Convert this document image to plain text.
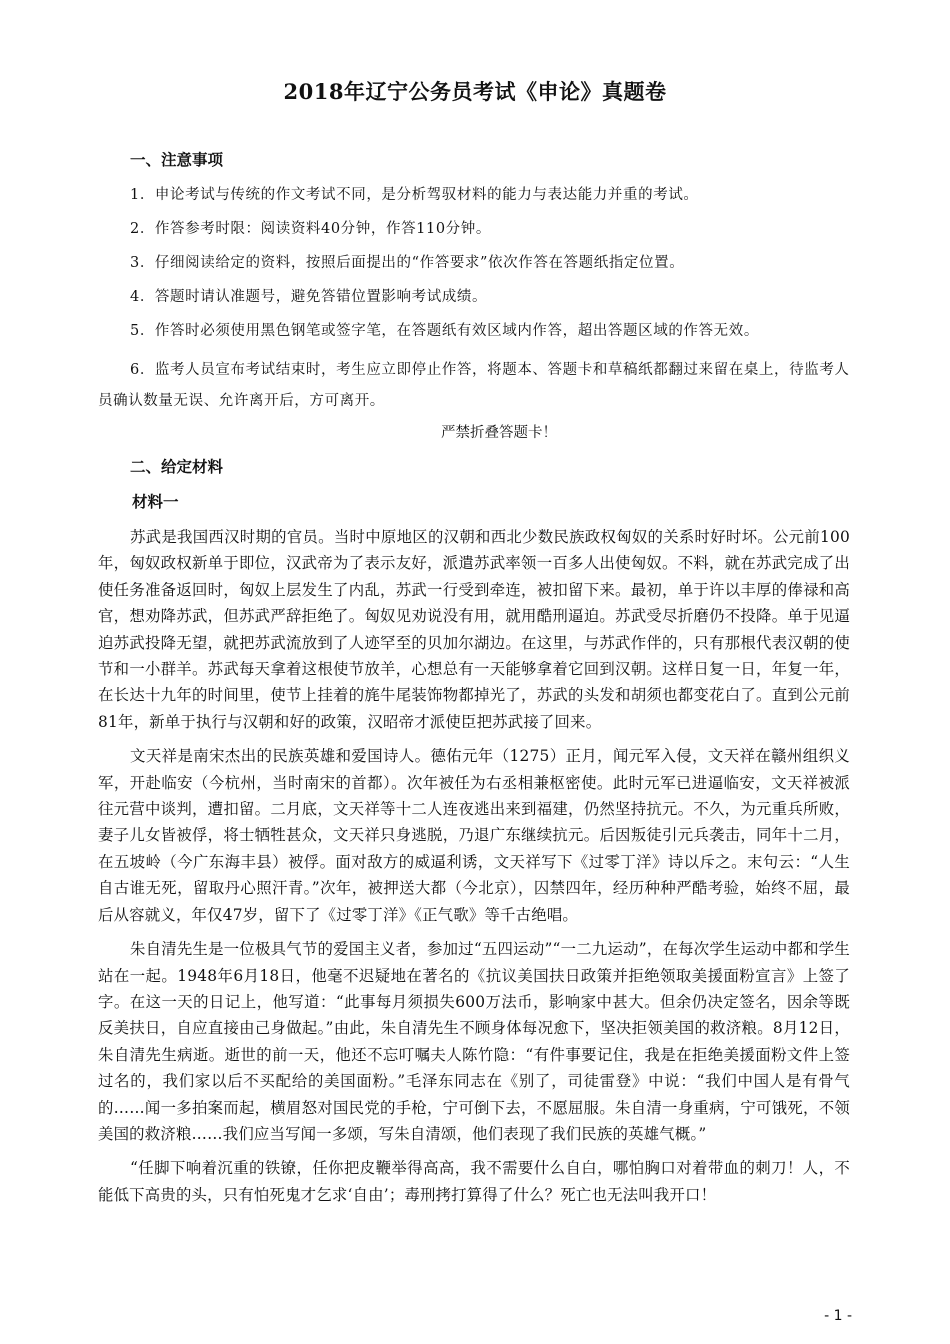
2018年辽宁公务员考试《申论》真题卷
一、注意事项

1．申论考试与传统的作文考试不同，是分析驾驭材料的能力与表达能力并重的考试。

2．作答参考时限：阅读资料40分钟，作答110分钟。

3．仔细阅读给定的资料，按照后面提出的“作答要求”依次作答在答题纸指定位置。

4．答题时请认准题号，避免答错位置影响考试成绩。

5．作答时必须使用黑色钢笔或签字笔，在答题纸有效区域内作答，超出答题区域的作答无效。

6．监考人员宣布考试结束时，考生应立即停止作答，将题本、答题卡和草稿纸都翻过来留在桌上，待监考人员确认数量无误、允许离开后，方可离开。

严禁折叠答题卡！
二、给定材料
材料一

苏武是我国西汉时期的官员。当时中原地区的汉朝和西北少数民族政权匈奴的关系时好时坏。公元前100年，匈奴政权新单于即位，汉武帝为了表示友好，派遣苏武率领一百多人出使匈奴。不料，就在苏武完成了出使任务准备返回时，匈奴上层发生了内乱，苏武一行受到牵连，被扣留下来。最初，单于许以丰厚的俸禄和高官，想劝降苏武，但苏武严辞拒绝了。匈奴见劝说没有用，就用酷刑逼迫。苏武受尽折磨仍不投降。单于见逼迫苏武投降无望，就把苏武流放到了人迹罕至的贝加尔湖边。在这里，与苏武作伴的，只有那根代表汉朝的使节和一小群羊。苏武每天拿着这根使节放羊，心想总有一天能够拿着它回到汉朝。这样日复一日，年复一年，在长达十九年的时间里，使节上挂着的旄牛尾装饰物都掉光了，苏武的头发和胡须也都变花白了。直到公元前81年，新单于执行与汉朝和好的政策，汉昭帝才派使臣把苏武接了回来。

文天祥是南宋杰出的民族英雄和爱国诗人。德佑元年（1275）正月，闻元军入侵，文天祥在赣州组织义军，开赴临安（今杭州，当时南宋的首都）。次年被任为右丞相兼枢密使。此时元军已进逼临安，文天祥被派往元营中谈判，遭扣留。二月底，文天祥等十二人连夜逃出来到福建，仍然坚持抗元。不久，为元重兵所败，妻子儿女皆被俘，将士牺牲甚众，文天祥只身逃脱，乃退广东继续抗元。后因叛徒引元兵袭击，同年十二月，在五坡岭（今广东海丰县）被俘。面对敌方的威逼利诱，文天祥写下《过零丁洋》诗以斥之。末句云：“人生自古谁无死，留取丹心照汗青。”次年，被押送大都（今北京），囚禁四年，经历种种严酷考验，始终不屈，最后从容就义，年仅47岁，留下了《过零丁洋》《正气歌》等千古绝唱。

朱自清先生是一位极具气节的爱国主义者，参加过“五四运动”“一二九运动”，在每次学生运动中都和学生站在一起。1948年6月18日，他毫不迟疑地在著名的《抗议美国扶日政策并拒绝领取美援面粉宣言》上签了字。在这一天的日记上，他写道：“此事每月须损失600万法币，影响家中甚大。但余仍决定签名，因余等既反美扶日，自应直接由己身做起。”由此，朱自清先生不顾身体每况愈下，坚决拒领美国的救济粮。8月12日，朱自清先生病逝。逝世的前一天，他还不忘叮嘱夫人陈竹隐：“有件事要记住，我是在拒绝美援面粉文件上签过名的，我们家以后不买配给的美国面粉。”毛泽东同志在《别了，司徒雷登》中说：“我们中国人是有骨气的……闻一多拍案而起，横眉怒对国民党的手枪，宁可倒下去，不愿屈服。朱自清一身重病，宁可饿死，不领美国的救济粮……我们应当写闻一多颂，写朱自清颂，他们表现了我们民族的英雄气概。”

“任脚下响着沉重的铁镣，任你把皮鞭举得高高，我不需要什么自白，哪怕胸口对着带血的刺刀！人，不能低下高贵的头，只有怕死鬼才乞求‘自由’；毒刑拷打算得了什么？死亡也无法叫我开口！

- 1 -
